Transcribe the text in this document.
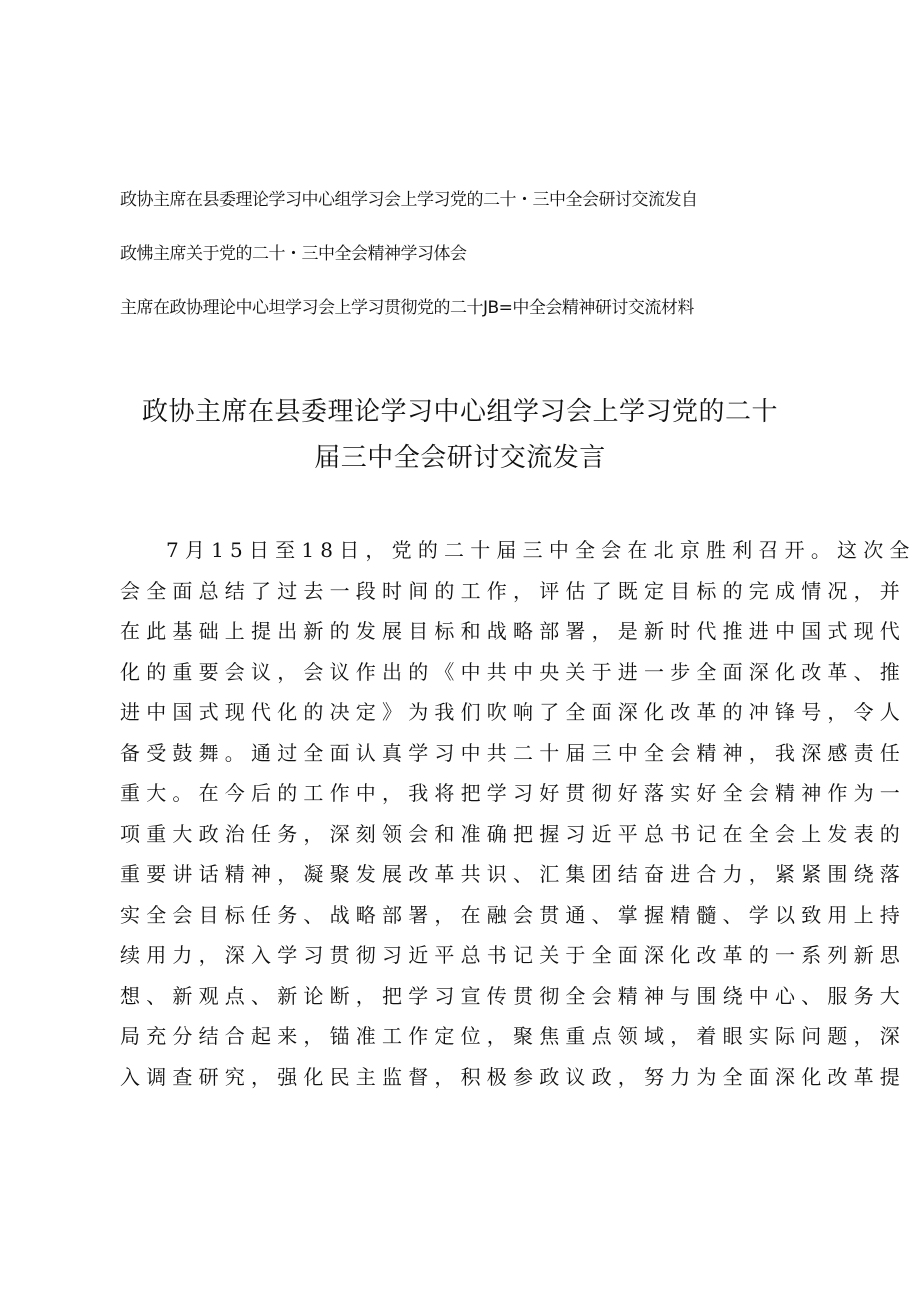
政协主席在县委理论学习中心组学习会上学习党的二十・三中全会研讨交流发自
政怫主席关于党的二十・三中全会精神学习体会
主席在政协理论中心坦学习会上学习贯彻党的二十JB=中全会精神研讨交流材料
政协主席在县委理论学习中心组学习会上学习党的二十
届三中全会研讨交流发言
7月15日至18日，党的二十届三中全会在北京胜利召开。这次全
会全面总结了过去一段时间的工作，评估了既定目标的完成情况，并
在此基础上提出新的发展目标和战略部署，是新时代推进中国式现代
化的重要会议，会议作出的《中共中央关于进一步全面深化改革、推
进中国式现代化的决定》为我们吹响了全面深化改革的冲锋号，令人
备受鼓舞。通过全面认真学习中共二十届三中全会精神，我深感责任
重大。在今后的工作中，我将把学习好贯彻好落实好全会精神作为一
项重大政治任务，深刻领会和准确把握习近平总书记在全会上发表的
重要讲话精神，凝聚发展改革共识、汇集团结奋进合力，紧紧围绕落
实全会目标任务、战略部署，在融会贯通、掌握精髓、学以致用上持
续用力，深入学习贯彻习近平总书记关于全面深化改革的一系列新思
想、新观点、新论断，把学习宣传贯彻全会精神与围绕中心、服务大
局充分结合起来，锚准工作定位，聚焦重点领域，着眼实际问题，深
入调查研究，强化民主监督，积极参政议政，努力为全面深化改革提
